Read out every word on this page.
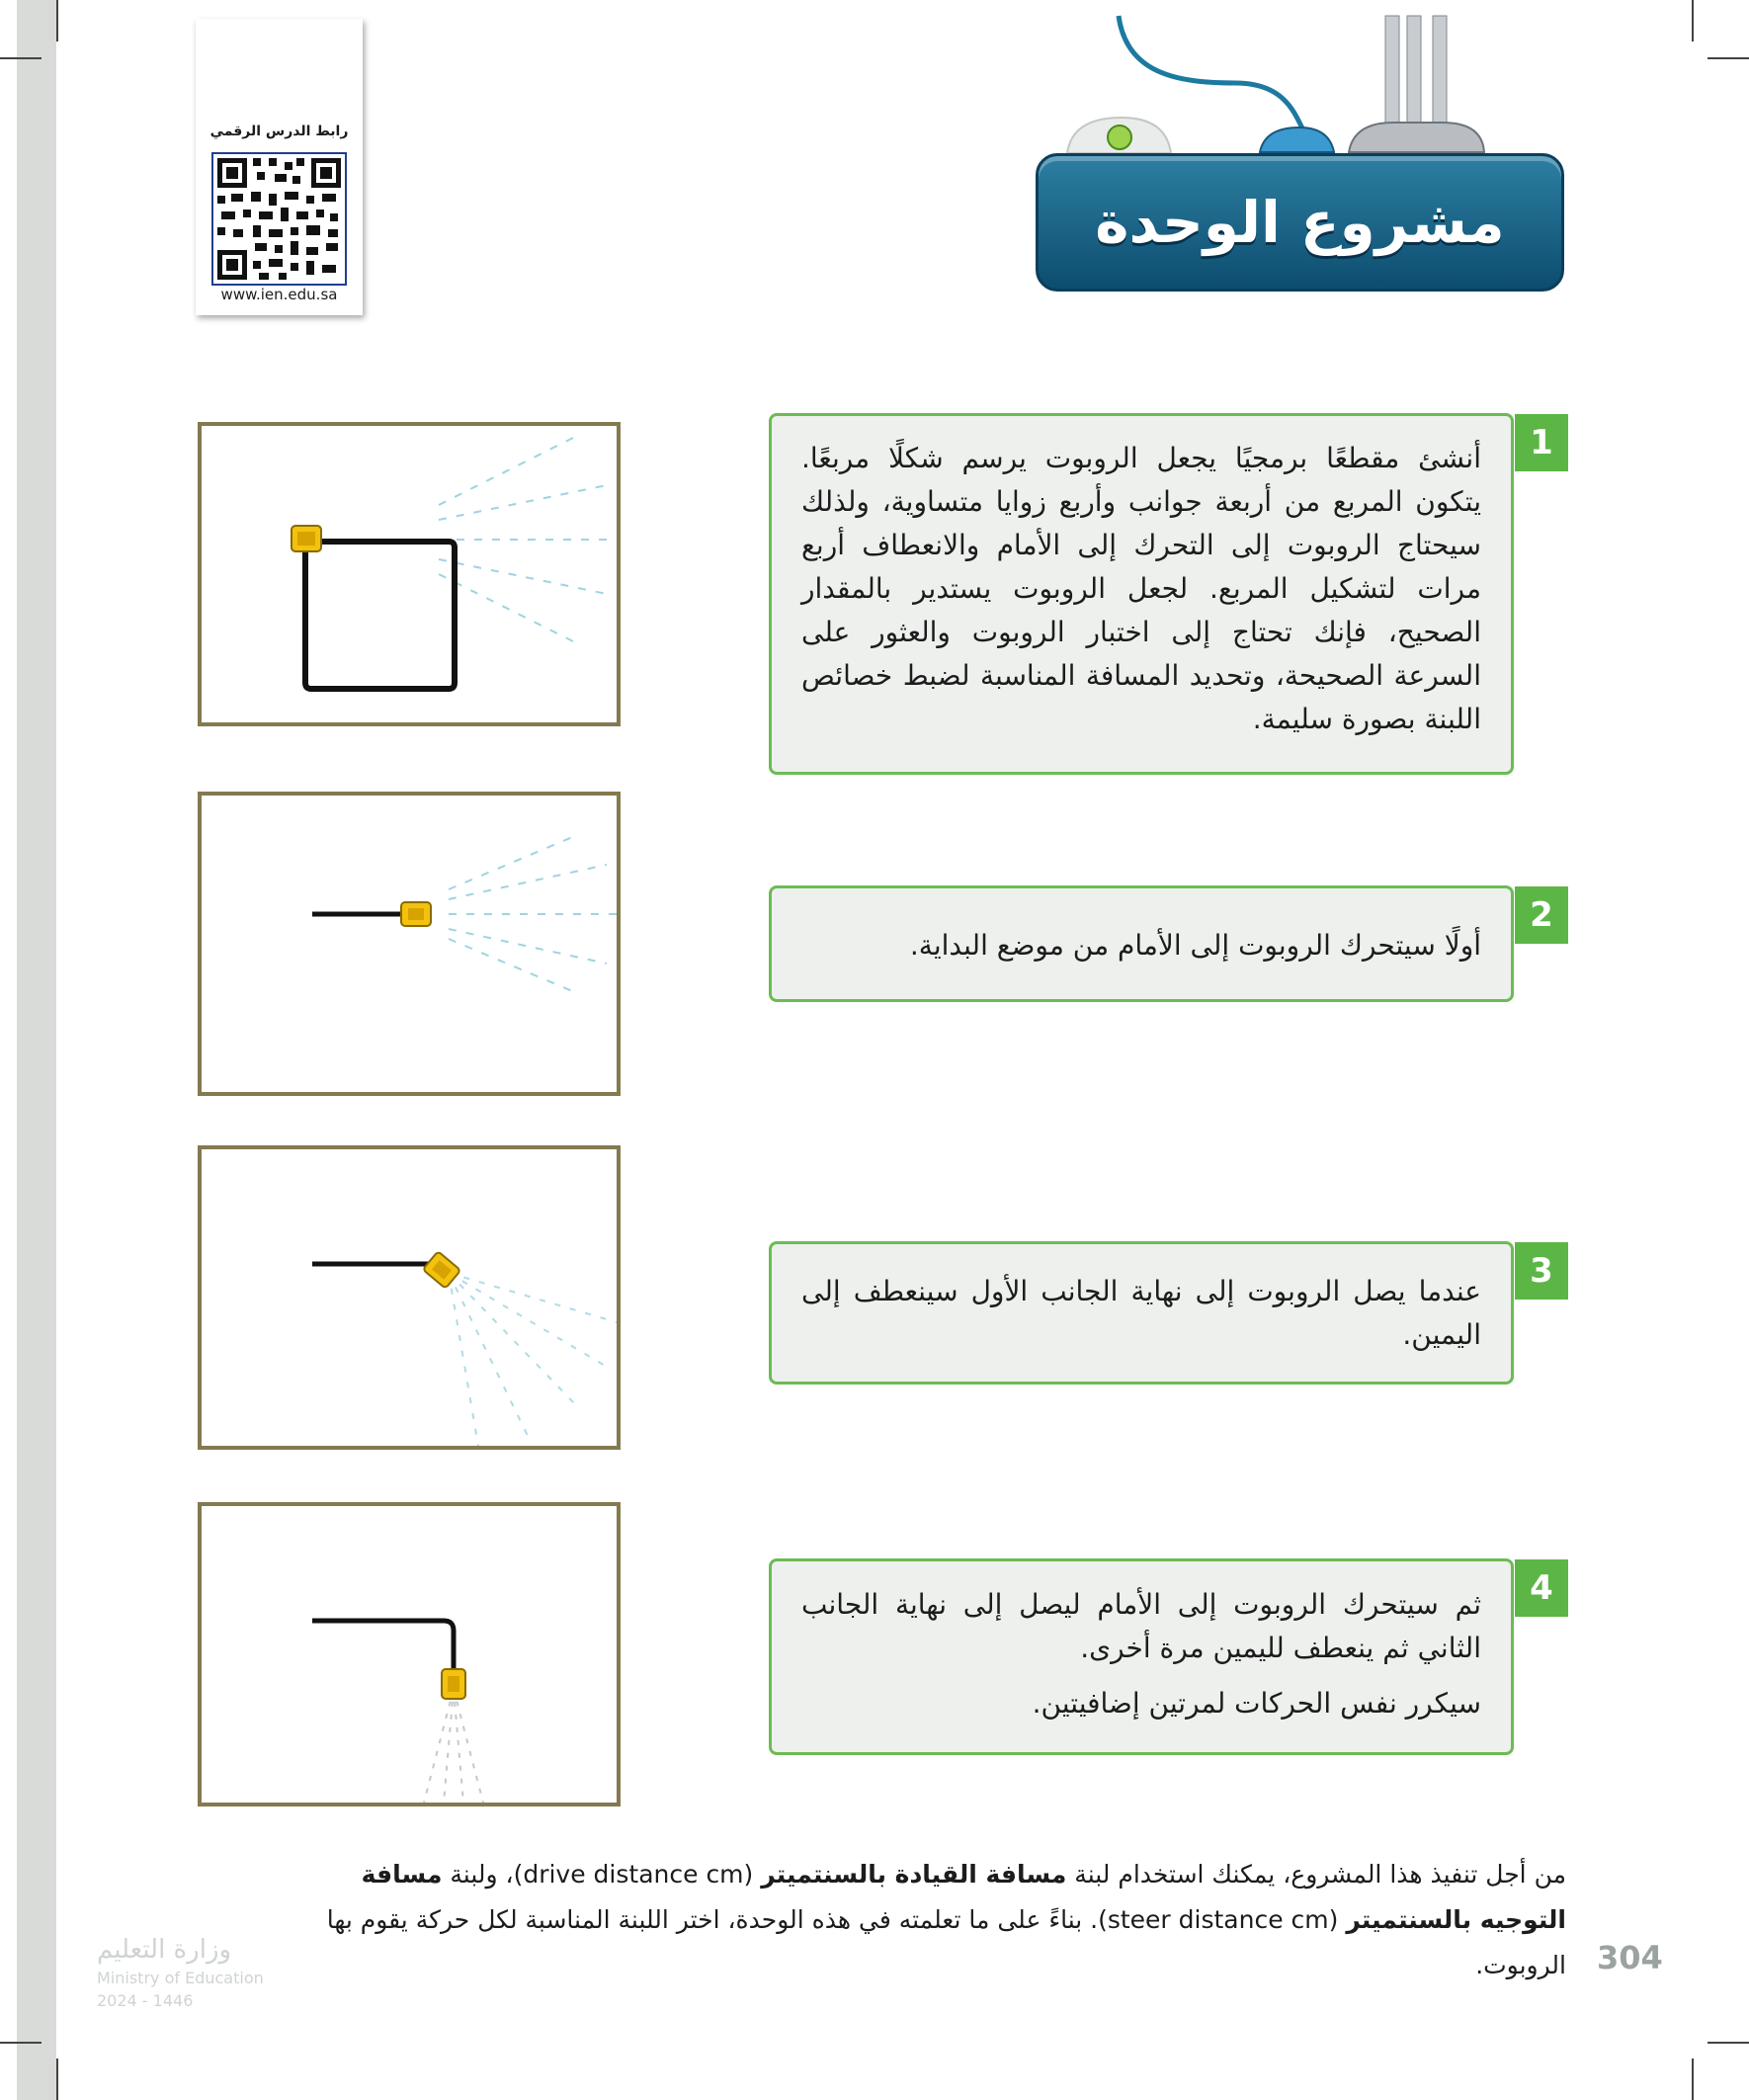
رابط الدرس الرقمي
www.ien.edu.sa
مشروع الوحدة
1

أنشئ مقطعًا برمجيًا يجعل الروبوت يرسم شكلًا مربعًا. يتكون المربع من أربعة جوانب وأربع زوايا متساوية، ولذلك سيحتاج الروبوت إلى التحرك إلى الأمام والانعطاف أربع مرات لتشكيل المربع. لجعل الروبوت يستدير بالمقدار الصحيح، فإنك تحتاج إلى اختبار الروبوت والعثور على السرعة الصحيحة، وتحديد المسافة المناسبة لضبط خصائص اللبنة بصورة سليمة.

2

أولًا سيتحرك الروبوت إلى الأمام من موضع البداية.

3

عندما يصل الروبوت إلى نهاية الجانب الأول سينعطف إلى اليمين.

4

ثم سيتحرك الروبوت إلى الأمام ليصل إلى نهاية الجانب الثاني ثم ينعطف لليمين مرة أخرى.

سيكرر نفس الحركات لمرتين إضافيتين.

من أجل تنفيذ هذا المشروع، يمكنك استخدام لبنة مسافة القيادة بالسنتميتر (drive distance cm)، ولبنة مسافة التوجيه بالسنتميتر (steer distance cm). بناءً على ما تعلمته في هذه الوحدة، اختر اللبنة المناسبة لكل حركة يقوم بها الروبوت. 304
وزارة التعليم
Ministry of Education
2024 - 1446
